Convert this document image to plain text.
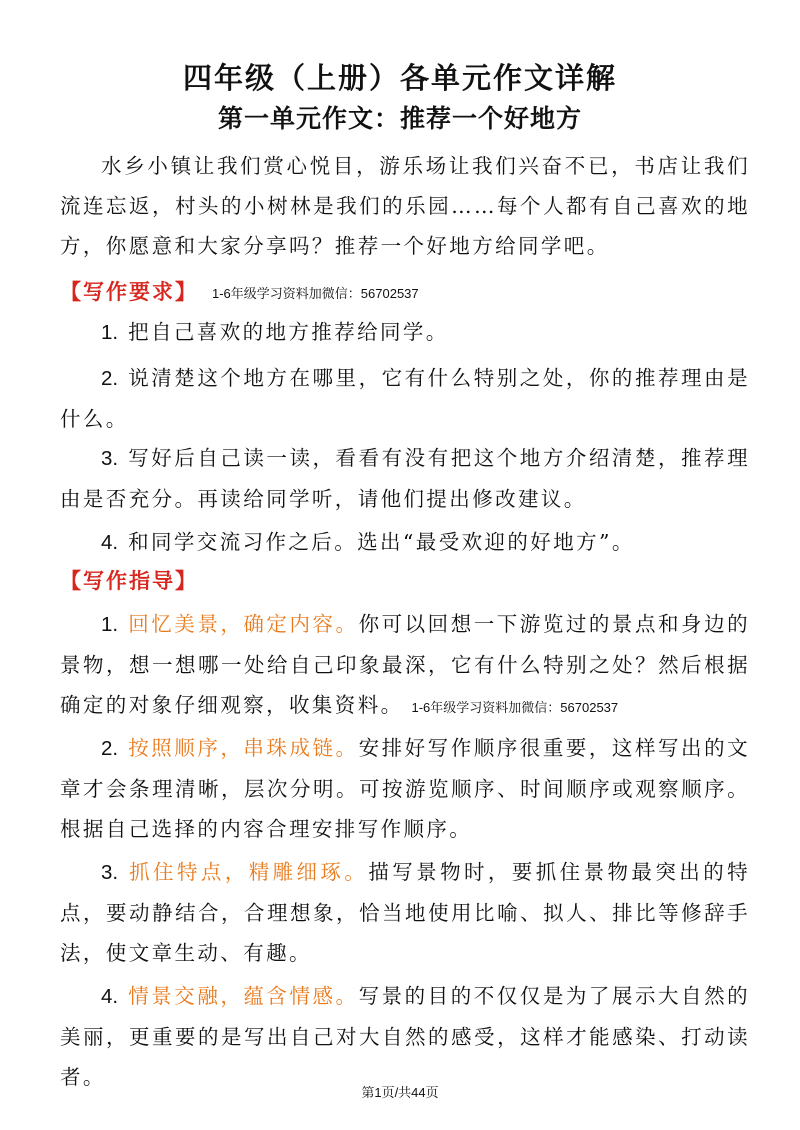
四年级（上册）各单元作文详解
第一单元作文：推荐一个好地方

水乡小镇让我们赏心悦目，游乐场让我们兴奋不已，书店让我们流连忘返，村头的小树林是我们的乐园……每个人都有自己喜欢的地方，你愿意和大家分享吗？推荐一个好地方给同学吧。

【写作要求】 1-6年级学习资料加微信：56702537

1. 把自己喜欢的地方推荐给同学。

2. 说清楚这个地方在哪里，它有什么特别之处，你的推荐理由是什么。

3. 写好后自己读一读，看看有没有把这个地方介绍清楚，推荐理由是否充分。再读给同学听，请他们提出修改建议。

4. 和同学交流习作之后。选出“最受欢迎的好地方”。

【写作指导】

1. 回忆美景，确定内容。你可以回想一下游览过的景点和身边的景物，想一想哪一处给自己印象最深，它有什么特别之处？然后根据确定的对象仔细观察，收集资料。 1-6年级学习资料加微信：56702537

2. 按照顺序，串珠成链。安排好写作顺序很重要，这样写出的文章才会条理清晰，层次分明。可按游览顺序、时间顺序或观察顺序。根据自己选择的内容合理安排写作顺序。

3. 抓住特点，精雕细琢。描写景物时，要抓住景物最突出的特点，要动静结合，合理想象，恰当地使用比喻、拟人、排比等修辞手法，使文章生动、有趣。

4. 情景交融，蕴含情感。写景的目的不仅仅是为了展示大自然的美丽，更重要的是写出自己对大自然的感受，这样才能感染、打动读者。

第1页/共44页
